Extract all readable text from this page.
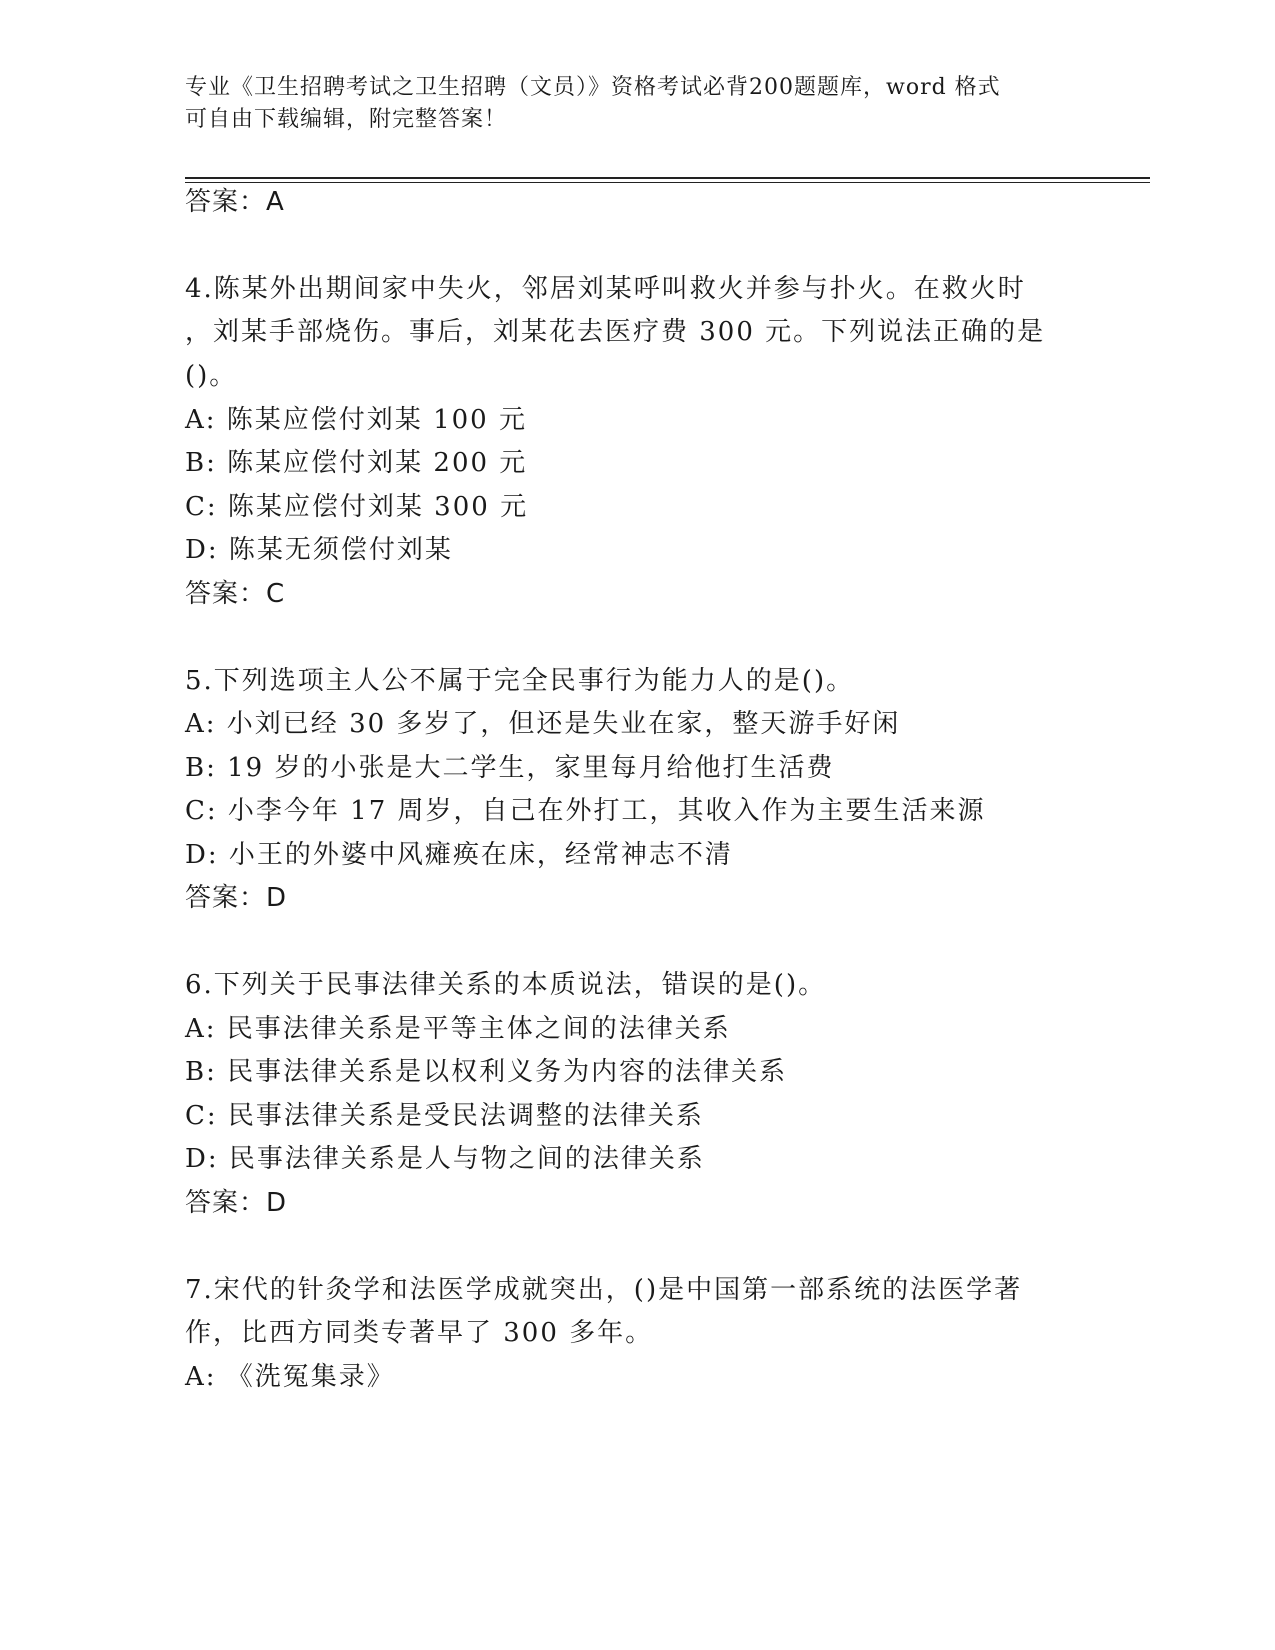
专业《卫生招聘考试之卫生招聘（文员）》资格考试必背200题题库，word 格式
可自由下载编辑，附完整答案！
答案：A
4.陈某外出期间家中失火，邻居刘某呼叫救火并参与扑火。在救火时
，刘某手部烧伤。事后，刘某花去医疗费 300 元。下列说法正确的是
()。
A: 陈某应偿付刘某 100 元
B: 陈某应偿付刘某 200 元
C: 陈某应偿付刘某 300 元
D: 陈某无须偿付刘某
答案：C
5.下列选项主人公不属于完全民事行为能力人的是()。
A: 小刘已经 30 多岁了，但还是失业在家，整天游手好闲
B: 19 岁的小张是大二学生，家里每月给他打生活费
C: 小李今年 17 周岁，自己在外打工，其收入作为主要生活来源
D: 小王的外婆中风瘫痪在床，经常神志不清
答案：D
6.下列关于民事法律关系的本质说法，错误的是()。
A: 民事法律关系是平等主体之间的法律关系
B: 民事法律关系是以权利义务为内容的法律关系
C: 民事法律关系是受民法调整的法律关系
D: 民事法律关系是人与物之间的法律关系
答案：D
7.宋代的针灸学和法医学成就突出，()是中国第一部系统的法医学著
作，比西方同类专著早了 300 多年。
A: 《洗冤集录》
